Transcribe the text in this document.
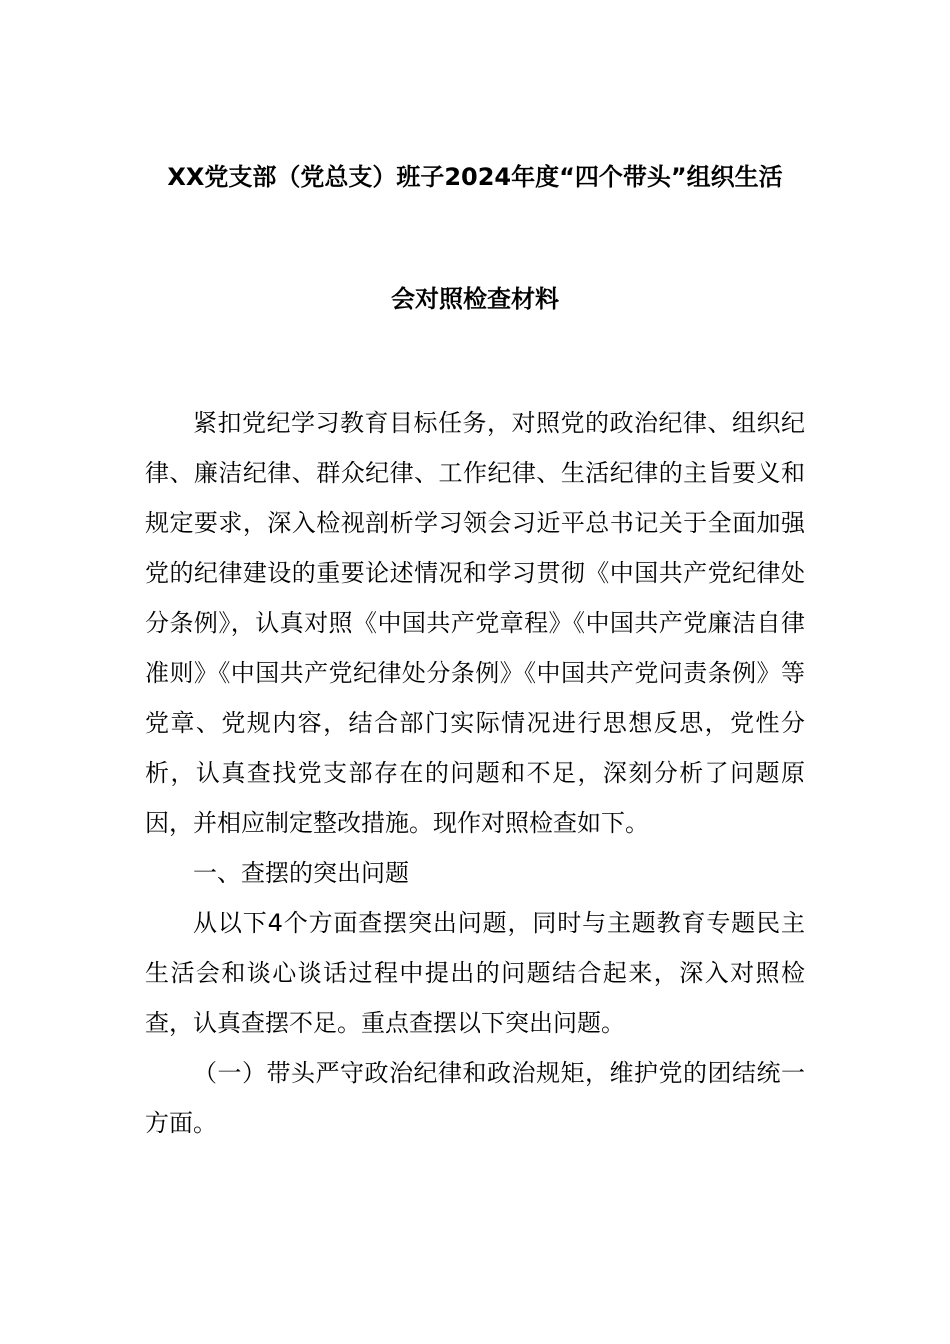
XX党支部（党总支）班子2024年度“四个带头”组织生活
会对照检查材料

紧扣党纪学习教育目标任务，对照党的政治纪律、组织纪律、廉洁纪律、群众纪律、工作纪律、生活纪律的主旨要义和规定要求，深入检视剖析学习领会习近平总书记关于全面加强党的纪律建设的重要论述情况和学习贯彻《中国共产党纪律处分条例》，认真对照《中国共产党章程》《中国共产党廉洁自律准则》《中国共产党纪律处分条例》《中国共产党问责条例》等党章、党规内容，结合部门实际情况进行思想反思，党性分析，认真查找党支部存在的问题和不足，深刻分析了问题原因，并相应制定整改措施。现作对照检查如下。

一、查摆的突出问题

从以下4个方面查摆突出问题，同时与主题教育专题民主生活会和谈心谈话过程中提出的问题结合起来，深入对照检查，认真查摆不足。重点查摆以下突出问题。

（一）带头严守政治纪律和政治规矩，维护党的团结统一方面。
